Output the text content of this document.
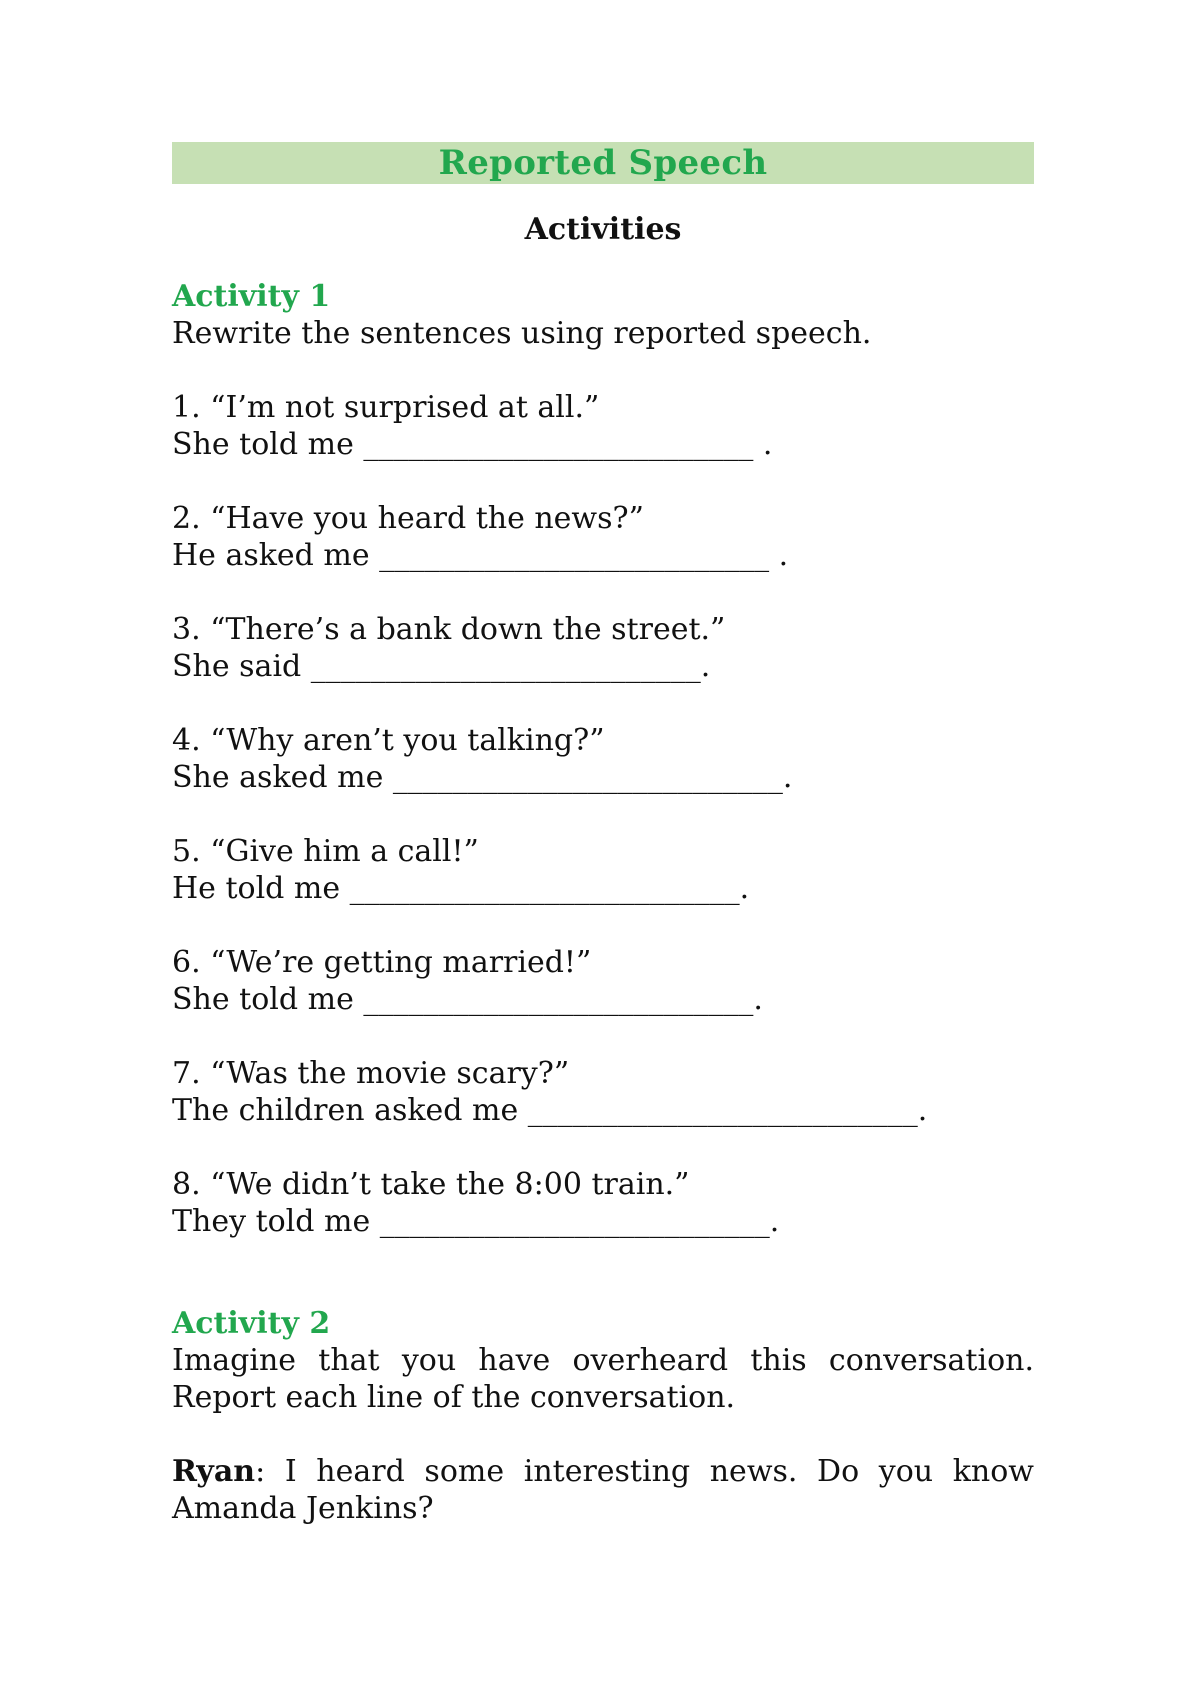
Reported Speech
Activities
Activity 1
Rewrite the sentences using reported speech.
1. “I’m not surprised at all.”
She told me __________________________ .
2. “Have you heard the news?”
He asked me __________________________ .
3. “There’s a bank down the street.”
She said __________________________.
4. “Why aren’t you talking?”
She asked me __________________________.
5. “Give him a call!”
He told me __________________________.
6. “We’re getting married!”
She told me __________________________.
7. “Was the movie scary?”
The children asked me __________________________.
8. “We didn’t take the 8:00 train.”
They told me __________________________.
Activity 2
Imagine that you have overheard this conversation. Report each line of the conversation.
Ryan: I heard some interesting news. Do you know Amanda Jenkins?
